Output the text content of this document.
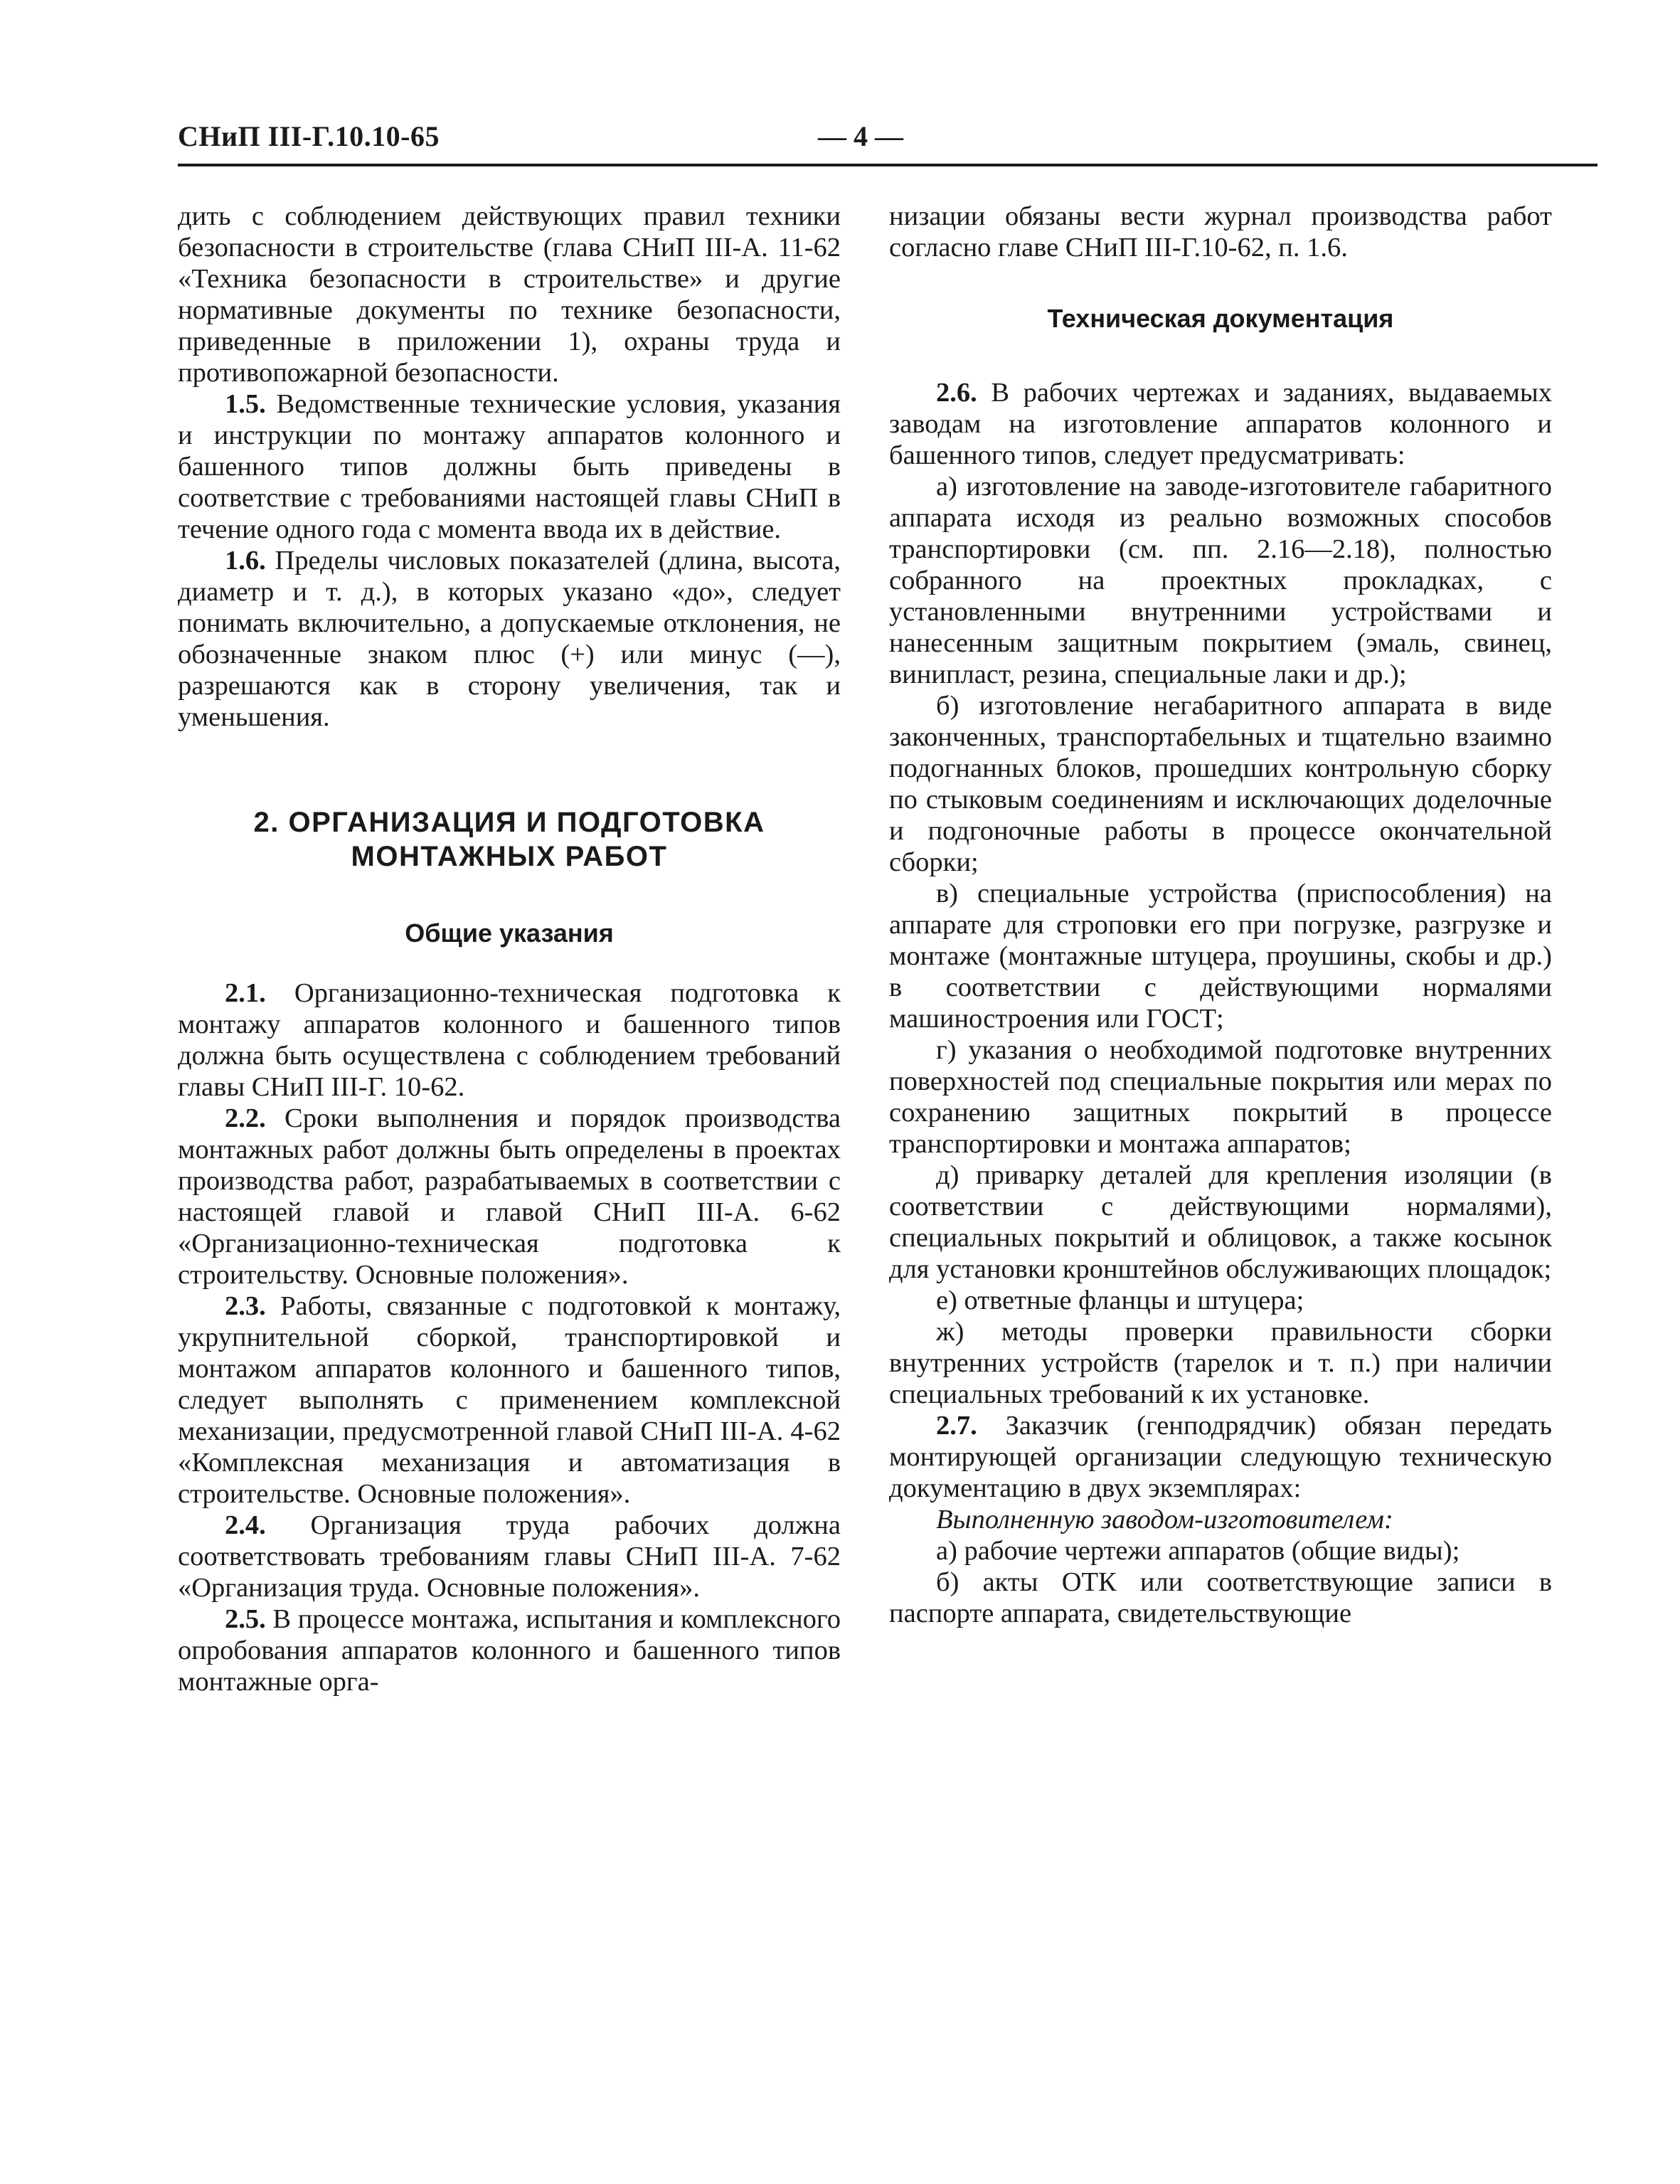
СНиП III-Г.10.10-65	— 4 —

дить с соблюдением действующих правил техники безопасности в строительстве (глава СНиП III-А. 11-62 «Техника безопасности в строительстве» и другие нормативные документы по технике безопасности, приведенные в приложении 1), охраны труда и противопожарной безопасности.

1.5. Ведомственные технические условия, указания и инструкции по монтажу аппаратов колонного и башенного типов должны быть приведены в соответствие с требованиями настоящей главы СНиП в течение одного года с момента ввода их в действие.

1.6. Пределы числовых показателей (длина, высота, диаметр и т. д.), в которых указано «до», следует понимать включительно, а допускаемые отклонения, не обозначенные знаком плюс (+) или минус (—), разрешаются как в сторону увеличения, так и уменьшения.

2. ОРГАНИЗАЦИЯ И ПОДГОТОВКА
МОНТАЖНЫХ РАБОТ
Общие указания

2.1. Организационно-техническая подготовка к монтажу аппаратов колонного и башенного типов должна быть осуществлена с соблюдением требований главы СНиП III-Г. 10-62.

2.2. Сроки выполнения и порядок производства монтажных работ должны быть определены в проектах производства работ, разрабатываемых в соответствии с настоящей главой и главой СНиП III-А. 6-62 «Организационно-техническая подготовка к строительству. Основные положения».

2.3. Работы, связанные с подготовкой к монтажу, укрупнительной сборкой, транспортировкой и монтажом аппаратов колонного и башенного типов, следует выполнять с применением комплексной механизации, предусмотренной главой СНиП III-А. 4-62 «Комплексная механизация и автоматизация в строительстве. Основные положения».

2.4. Организация труда рабочих должна соответствовать требованиям главы СНиП III-А. 7-62 «Организация труда. Основные положения».

2.5. В процессе монтажа, испытания и комплексного опробования аппаратов колонного и башенного типов монтажные орга-

низации обязаны вести журнал производства работ согласно главе СНиП III-Г.10-62, п. 1.6.

Техническая документация

2.6. В рабочих чертежах и заданиях, выдаваемых заводам на изготовление аппаратов колонного и башенного типов, следует предусматривать:

а) изготовление на заводе-изготовителе габаритного аппарата исходя из реально возможных способов транспортировки (см. пп. 2.16—2.18), полностью собранного на проектных прокладках, с установленными внутренними устройствами и нанесенным защитным покрытием (эмаль, свинец, винипласт, резина, специальные лаки и др.);

б) изготовление негабаритного аппарата в виде законченных, транспортабельных и тщательно взаимно подогнанных блоков, прошедших контрольную сборку по стыковым соединениям и исключающих доделочные и подгоночные работы в процессе окончательной сборки;

в) специальные устройства (приспособления) на аппарате для строповки его при погрузке, разгрузке и монтаже (монтажные штуцера, проушины, скобы и др.) в соответствии с действующими нормалями машиностроения или ГОСТ;

г) указания о необходимой подготовке внутренних поверхностей под специальные покрытия или мерах по сохранению защитных покрытий в процессе транспортировки и монтажа аппаратов;

д) приварку деталей для крепления изоляции (в соответствии с действующими нормалями), специальных покрытий и облицовок, а также косынок для установки кронштейнов обслуживающих площадок;

е) ответные фланцы и штуцера;

ж) методы проверки правильности сборки внутренних устройств (тарелок и т. п.) при наличии специальных требований к их установке.

2.7. Заказчик (генподрядчик) обязан передать монтирующей организации следующую техническую документацию в двух экземплярах:

Выполненную заводом-изготовителем:

а) рабочие чертежи аппаратов (общие виды);

б) акты ОТК или соответствующие записи в паспорте аппарата, свидетельствующие
